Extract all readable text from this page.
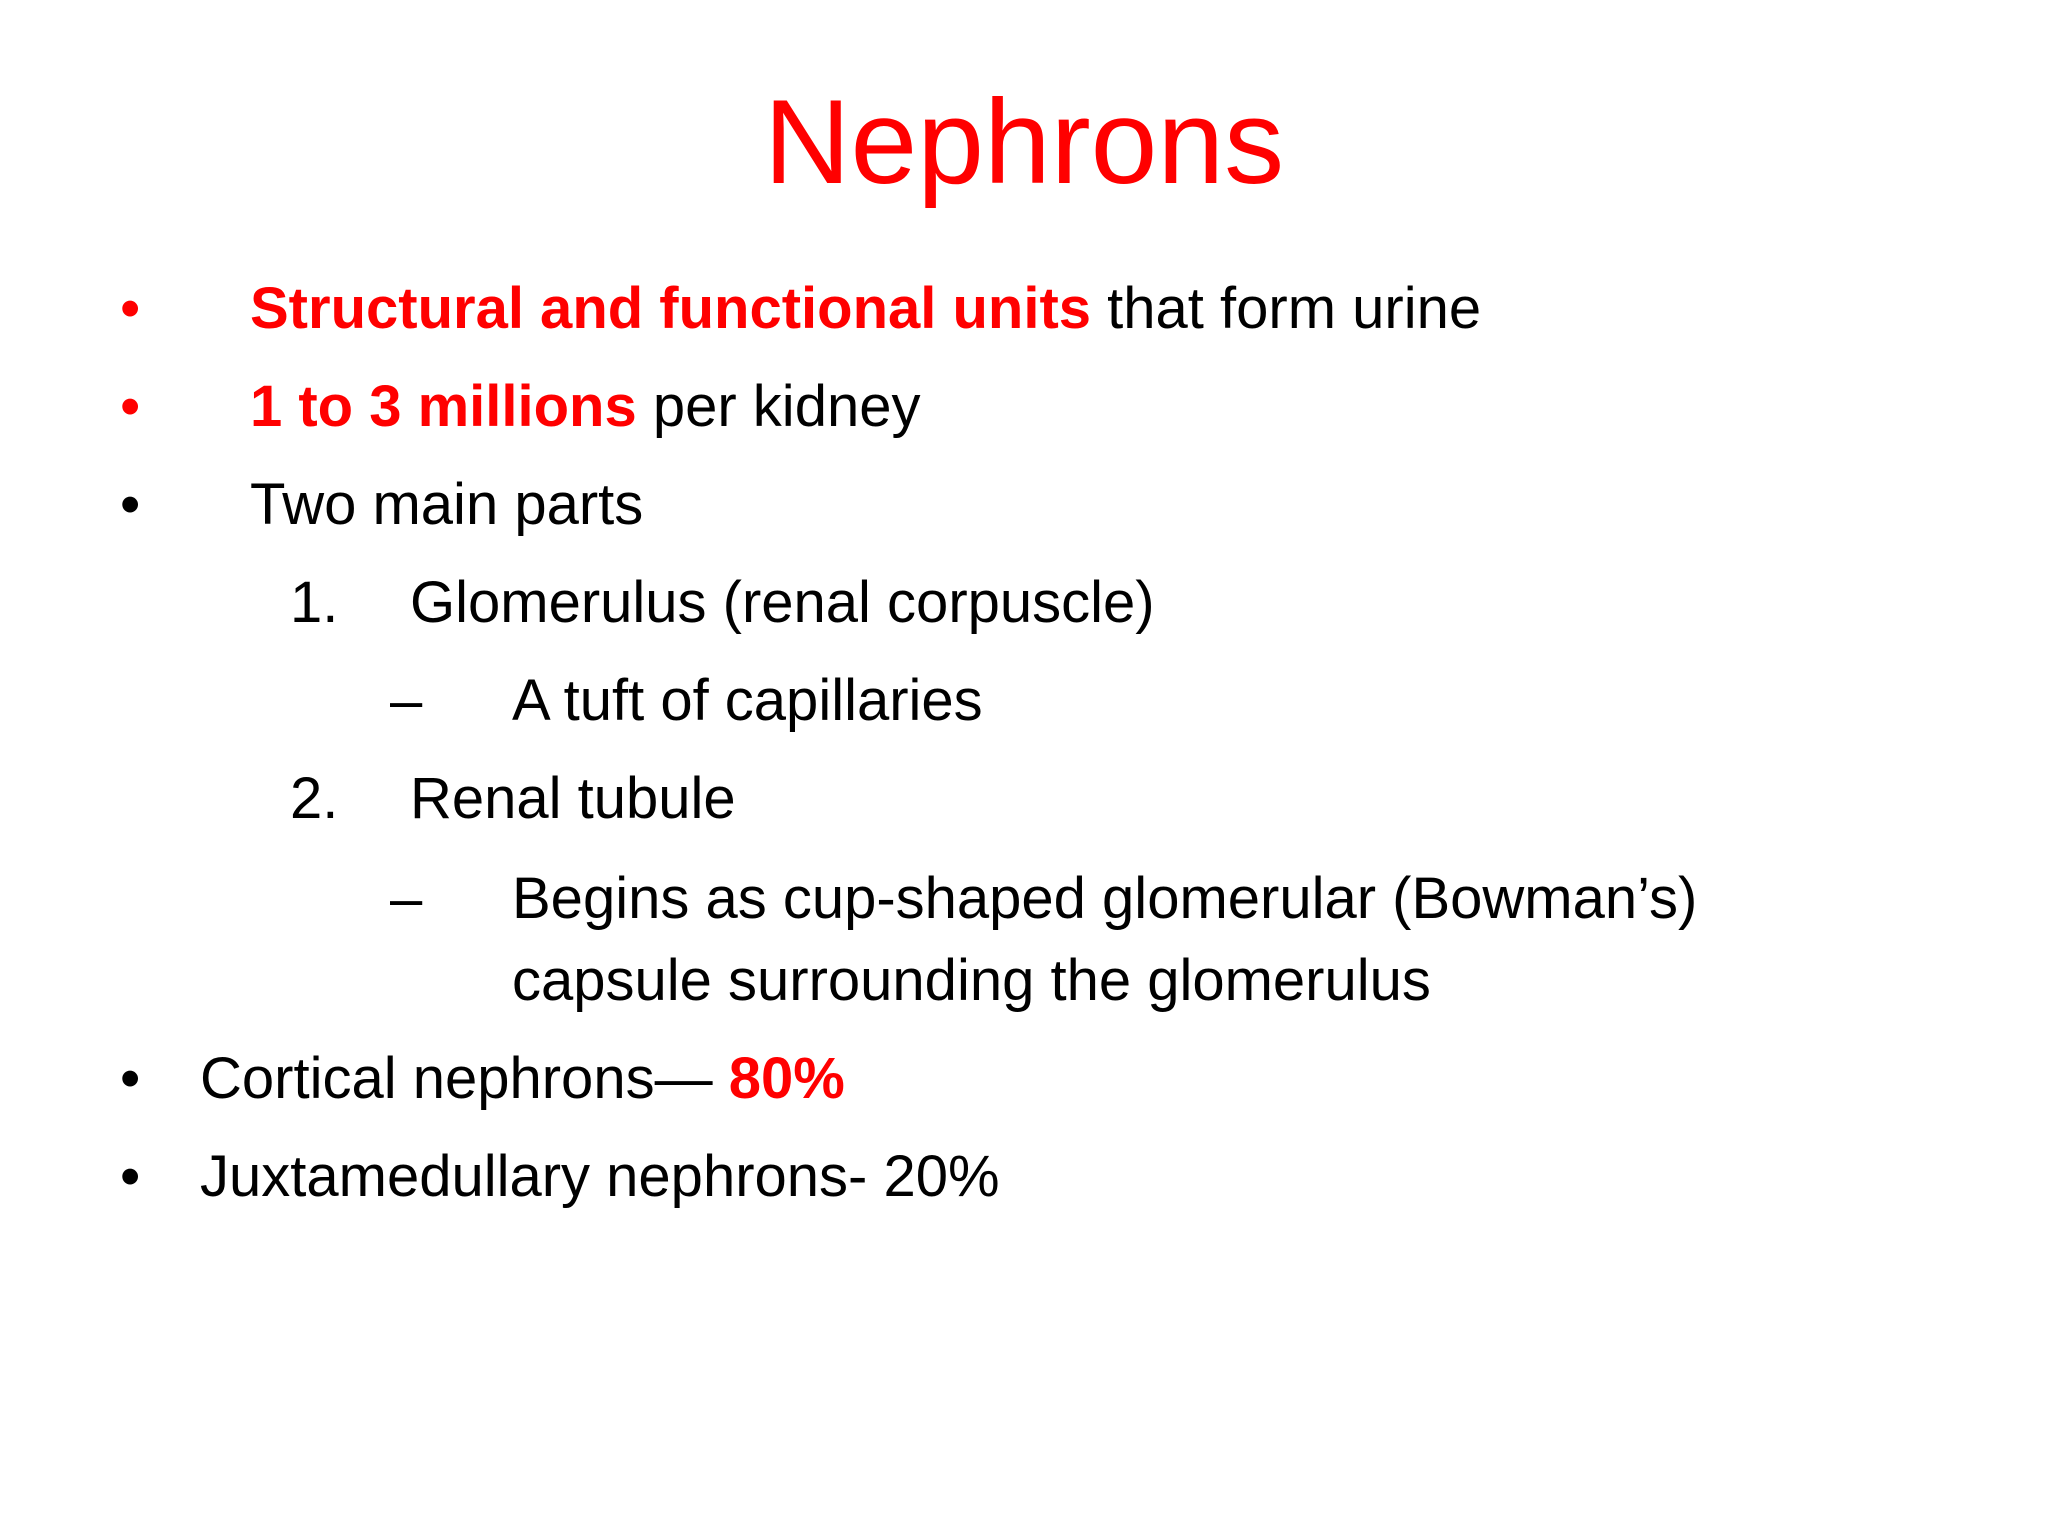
Nephrons
• Structural and functional units that form urine
• 1 to 3 millions per kidney
• Two main parts
1. Glomerulus (renal corpuscle)
– A tuft of capillaries
2. Renal tubule
– Begins as cup-shaped glomerular (Bowman’s)
capsule surrounding the glomerulus
• Cortical nephrons— 80%
• Juxtamedullary nephrons- 20%
